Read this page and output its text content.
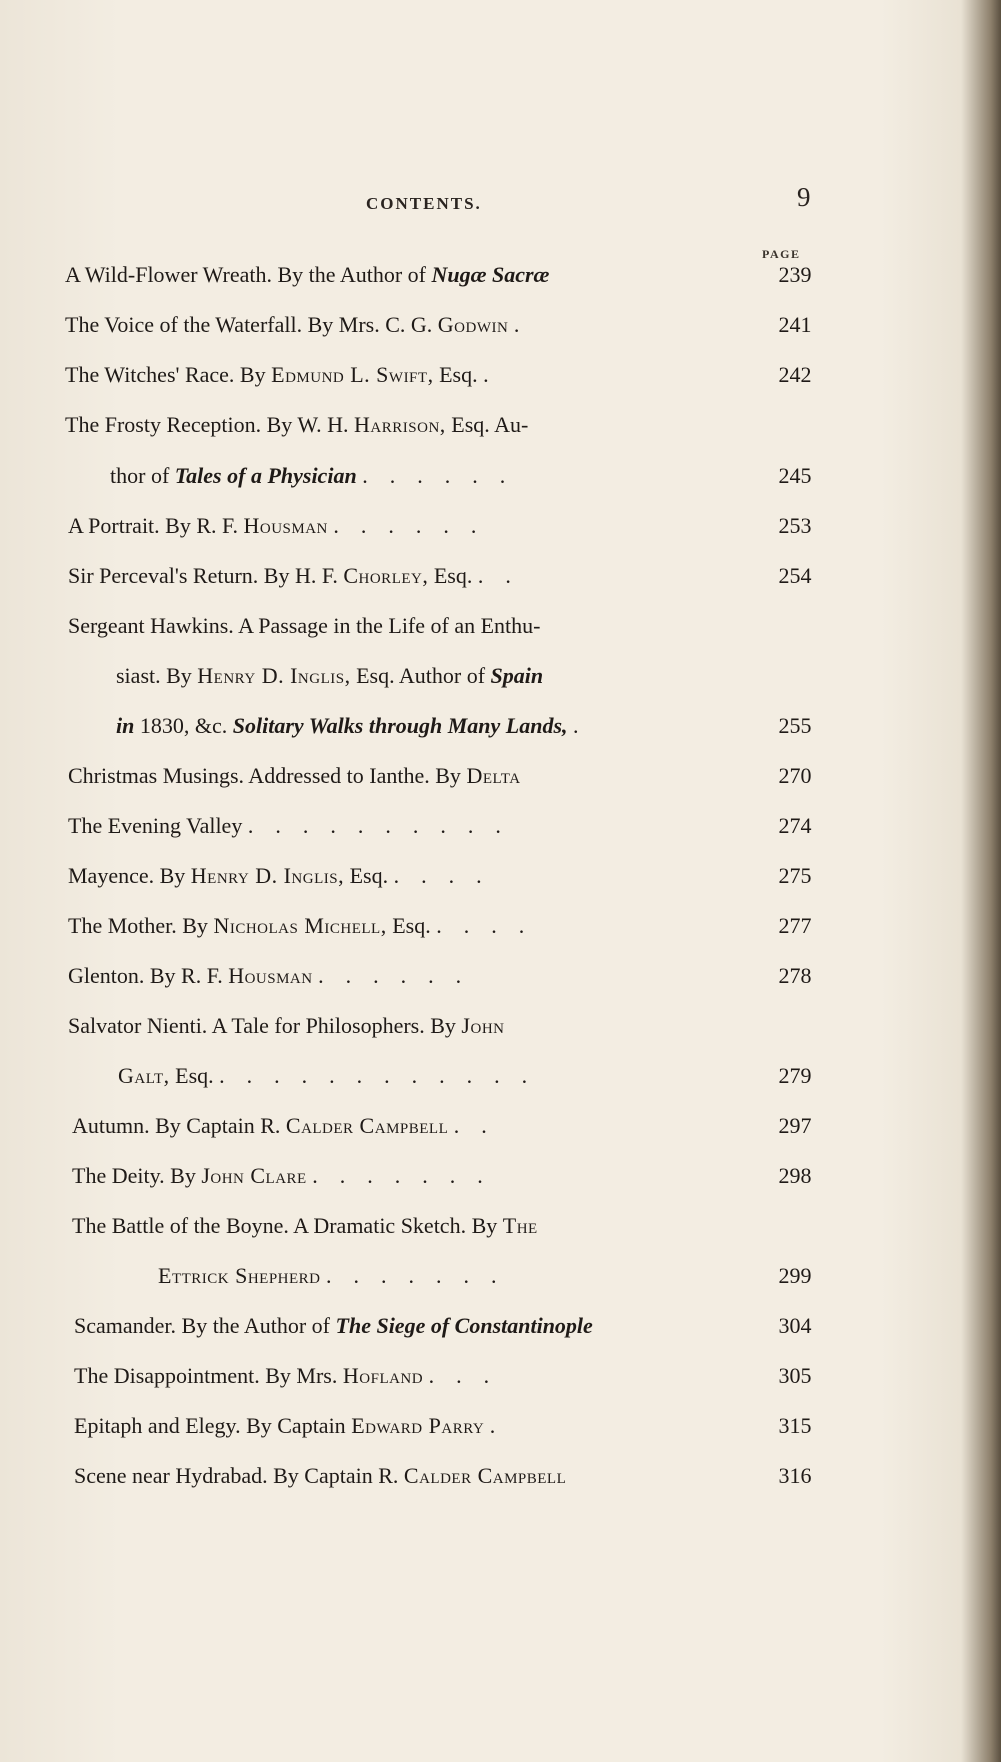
CONTENTS.	9
PAGE
A Wild-Flower Wreath. By the Author of Nugæ Sacræ	239
The Voice of the Waterfall. By Mrs. C. G. Godwin .	241
The Witches' Race. By Edmund L. Swift, Esq. .	242
The Frosty Reception. By W. H. Harrison, Esq. Au-
thor of Tales of a Physician ......	245
A Portrait. By R. F. Housman ......	253
Sir Perceval's Return. By H. F. Chorley, Esq. ..	254
Sergeant Hawkins. A Passage in the Life of an Enthu-
siast. By Henry D. Inglis, Esq. Author of Spain
in 1830, &c. Solitary Walks through Many Lands, .	255
Christmas Musings. Addressed to Ianthe. By Delta	270
The Evening Valley ..........	274
Mayence. By Henry D. Inglis, Esq. ....	275
The Mother. By Nicholas Michell, Esq. ....	277
Glenton. By R. F. Housman ......	278
Salvator Nienti. A Tale for Philosophers. By John
Galt, Esq. ............	279
Autumn. By Captain R. Calder Campbell ..	297
The Deity. By John Clare .......	298
The Battle of the Boyne. A Dramatic Sketch. By The
Ettrick Shepherd .......	299
Scamander. By the Author of The Siege of Constantinople	304
The Disappointment. By Mrs. Hofland ...	305
Epitaph and Elegy. By Captain Edward Parry .	315
Scene near Hydrabad. By Captain R. Calder Campbell	316
